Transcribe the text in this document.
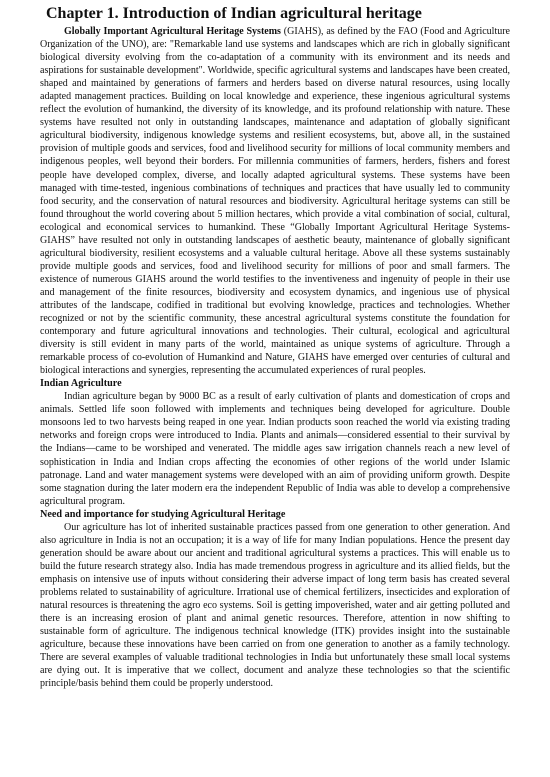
Chapter 1. Introduction of Indian agricultural heritage

Globally Important Agricultural Heritage Systems (GIAHS), as defined by the FAO (Food and Agriculture Organization of the UNO), are: "Remarkable land use systems and landscapes which are rich in globally significant biological diversity evolving from the co-adaptation of a community with its environment and its needs and aspirations for sustainable development". Worldwide, specific agricultural systems and landscapes have been created, shaped and maintained by generations of farmers and herders based on diverse natural resources, using locally adapted management practices. Building on local knowledge and experience, these ingenious agricultural systems reflect the evolution of humankind, the diversity of its knowledge, and its profound relationship with nature. These systems have resulted not only in outstanding landscapes, maintenance and adaptation of globally significant agricultural biodiversity, indigenous knowledge systems and resilient ecosystems, but, above all, in the sustained provision of multiple goods and services, food and livelihood security for millions of local community members and indigenous peoples, well beyond their borders. For millennia communities of farmers, herders, fishers and forest people have developed complex, diverse, and locally adapted agricultural systems. These systems have been managed with time-tested, ingenious combinations of techniques and practices that have usually led to community food security, and the conservation of natural resources and biodiversity. Agricultural heritage systems can still be found throughout the world covering about 5 million hectares, which provide a vital combination of social, cultural, ecological and economical services to humankind. These “Globally Important Agricultural Heritage Systems-GIAHS” have resulted not only in outstanding landscapes of aesthetic beauty, maintenance of globally significant agricultural biodiversity, resilient ecosystems and a valuable cultural heritage. Above all these systems sustainably provide multiple goods and services, food and livelihood security for millions of poor and small farmers. The existence of numerous GIAHS around the world testifies to the inventiveness and ingenuity of people in their use and management of the finite resources, biodiversity and ecosystem dynamics, and ingenious use of physical attributes of the landscape, codified in traditional but evolving knowledge, practices and technologies. Whether recognized or not by the scientific community, these ancestral agricultural systems constitute the foundation for contemporary and future agricultural innovations and technologies. Their cultural, ecological and agricultural diversity is still evident in many parts of the world, maintained as unique systems of agriculture. Through a remarkable process of co-evolution of Humankind and Nature, GIAHS have emerged over centuries of cultural and biological interactions and synergies, representing the accumulated experiences of rural peoples.

Indian Agriculture

Indian agriculture began by 9000 BC as a result of early cultivation of plants and domestication of crops and animals. Settled life soon followed with implements and techniques being developed for agriculture. Double monsoons led to two harvests being reaped in one year. Indian products soon reached the world via existing trading networks and foreign crops were introduced to India. Plants and animals—considered essential to their survival by the Indians—came to be worshiped and venerated. The middle ages saw irrigation channels reach a new level of sophistication in India and Indian crops affecting the economies of other regions of the world under Islamic patronage. Land and water management systems were developed with an aim of providing uniform growth. Despite some stagnation during the later modern era the independent Republic of India was able to develop a comprehensive agricultural program.

Need and importance for studying Agricultural Heritage

Our agriculture has lot of inherited sustainable practices passed from one generation to other generation. And also agriculture in India is not an occupation; it is a way of life for many Indian populations. Hence the present day generation should be aware about our ancient and traditional agricultural systems a practices. This will enable us to build the future research strategy also. India has made tremendous progress in agriculture and its allied fields, but the emphasis on intensive use of inputs without considering their adverse impact of long term basis has created several problems related to sustainability of agriculture. Irrational use of chemical fertilizers, insecticides and exploration of natural resources is threatening the agro eco systems. Soil is getting impoverished, water and air getting polluted and there is an increasing erosion of plant and animal genetic resources. Therefore, attention in now shifting to sustainable form of agriculture. The indigenous technical knowledge (ITK) provides insight into the sustainable agriculture, because these innovations have been carried on from one generation to another as a family technology. There are several examples of valuable traditional technologies in India but unfortunately these small local systems are dying out. It is imperative that we collect, document and analyze these technologies so that the scientific principle/basis behind them could be properly understood.
